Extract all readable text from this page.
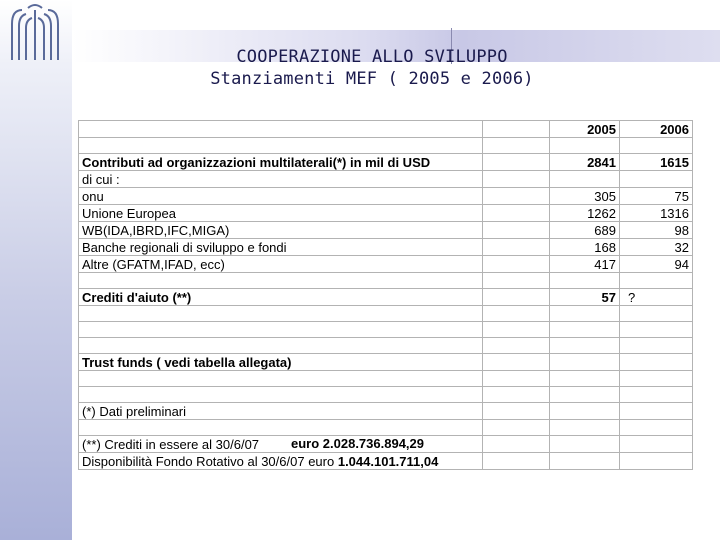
COOPERAZIONE ALLO SVILUPPO
Stanziamenti MEF ( 2005 e 2006)
		2005	2006

Contributi ad organizzazioni multilaterali(*) in mil di USD		2841	1615
di cui :			
onu		305	75
Unione Europea		1262	1316
WB(IDA,IBRD,IFC,MIGA)		689	98
Banche regionali di sviluppo e fondi		168	32
Altre (GFATM,IFAD, ecc)		417	94

Crediti d'aiuto (**)		57	?

Trust funds ( vedi tabella allegata)			

(*) Dati preliminari			

(**) Crediti in essere al 30/6/07 euro 2.028.736.894,29			

Disponibilità Fondo Rotativo al 30/6/07 euro 1.044.101.711,04			
